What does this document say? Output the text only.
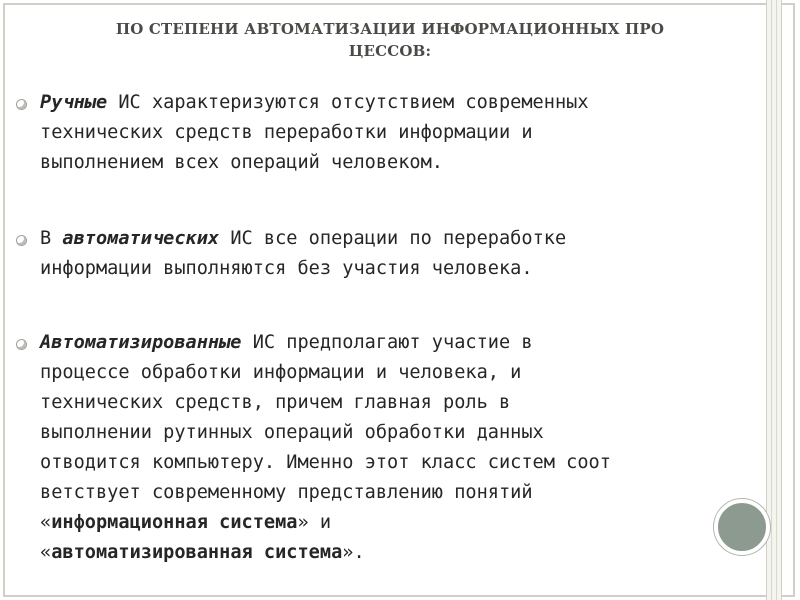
ПО СТЕПЕНИ АВТОМАТИЗАЦИИ ИНФОРМАЦИОННЫХ ПРО
ЦЕССОВ:
Ручные ИС характеризуются отсутствием современных
технических средств переработки информации и
выполнением всех операций человеком.
В автоматических ИС все операции по переработке
информации выполняются без участия человека.
Автоматизированные ИС предполагают участие в
процессе обработки информации и человека, и
технических средств, причем главная роль в
выполнении рутинных операций обработки данных
отводится компьютеру. Именно этот класс систем соот
ветствует современному представлению понятий
«информационная система» и
«автоматизированная система».
